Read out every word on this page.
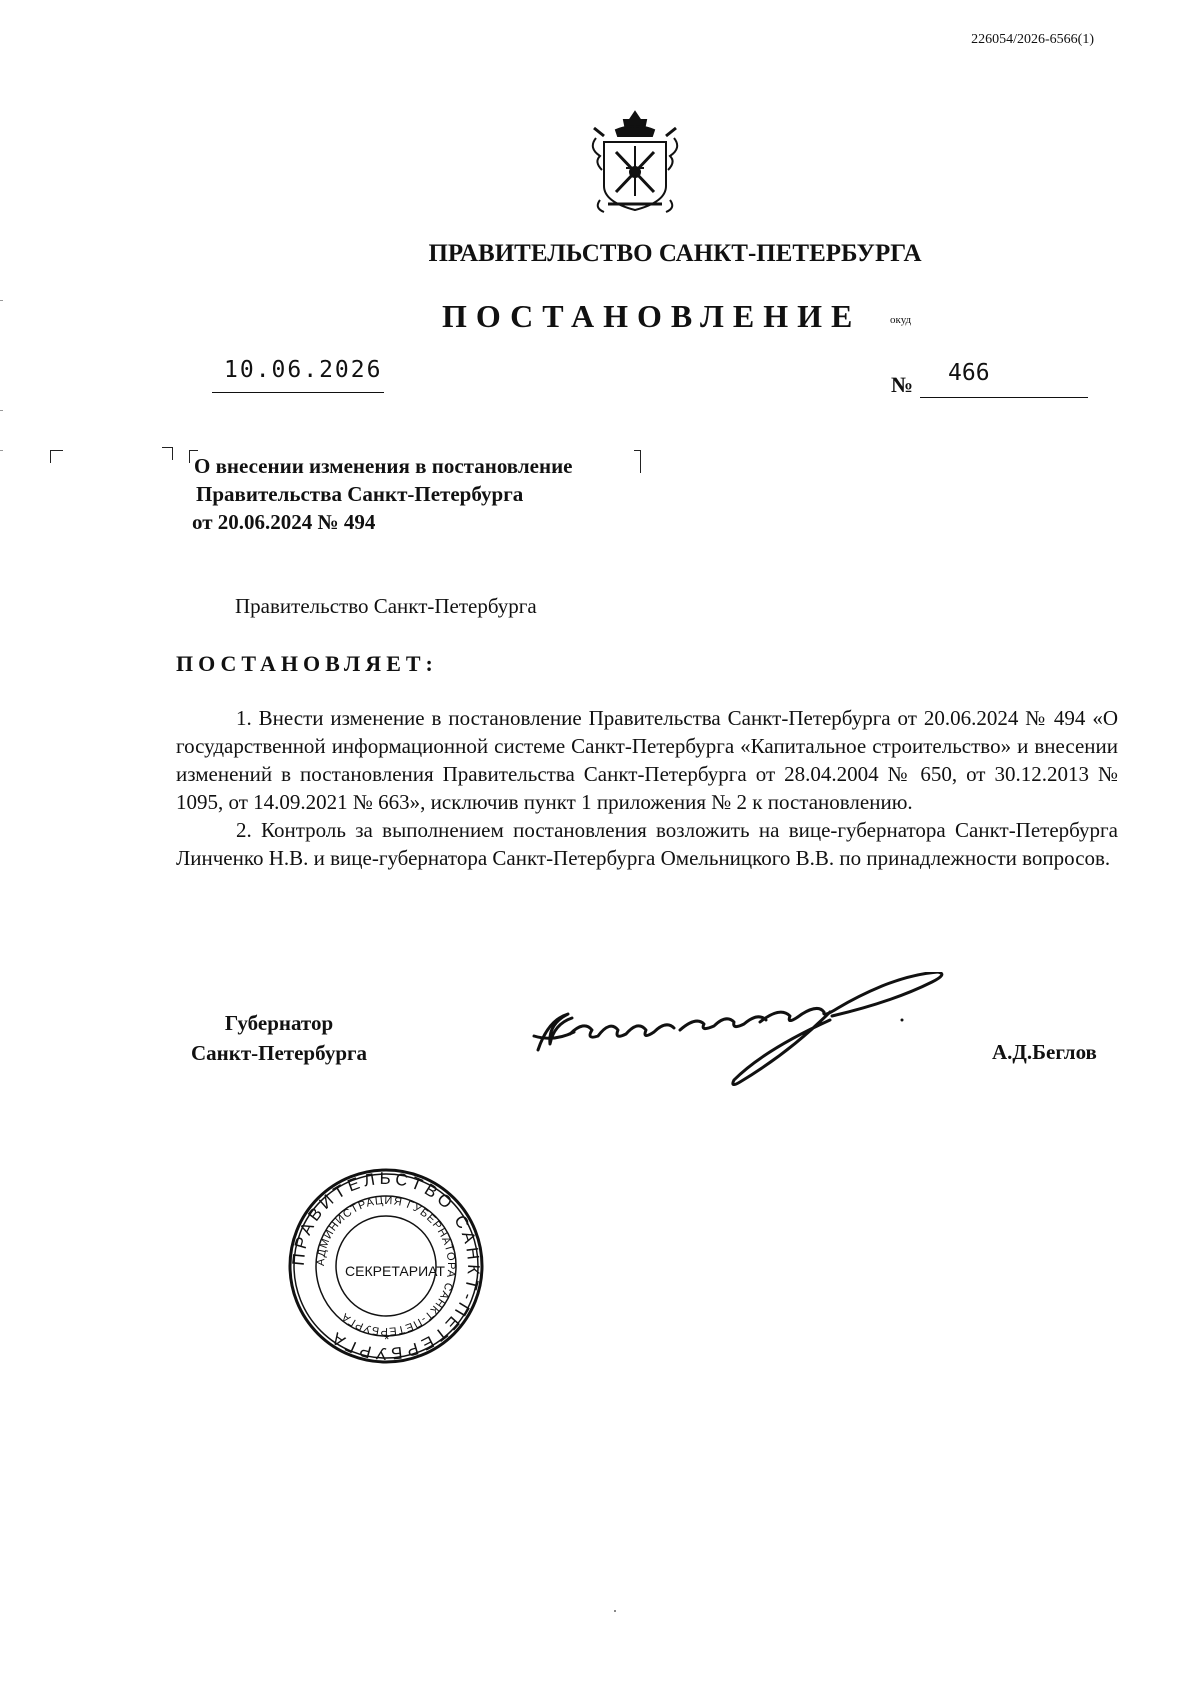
226054/2026-6566(1)
ПРАВИТЕЛЬСТВО САНКТ-ПЕТЕРБУРГА
ПОСТАНОВЛЕНИЕ	окуд
10.06.2026
№ 466
О внесении изменения в постановление
Правительства Санкт-Петербурга
от 20.06.2024 № 494
Правительство Санкт-Петербурга
ПОСТАНОВЛЯЕТ:

1. Внести изменение в постановление Правительства Санкт-Петербурга от 20.06.2024 № 494 «О государственной информационной системе Санкт-Петербурга «Капитальное строительство» и внесении изменений в постановления Правительства Санкт-Петербурга от 28.04.2004 № 650, от 30.12.2013 № 1095, от 14.09.2021 № 663», исключив пункт 1 приложения № 2 к постановлению.

2. Контроль за выполнением постановления возложить на вице-губернатора Санкт-Петербурга Линченко Н.В. и вице-губернатора Санкт-Петербурга Омельницкого В.В. по принадлежности вопросов.

Губернатор
Санкт-Петербурга	А.Д.Беглов
ПРАВИТЕЛЬСТВО САНКТ-ПЕТЕРБУРГА
АДМИНИСТРАЦИЯ ГУБЕРНАТОРА САНКТ-ПЕТЕРБУРГА
*
СЕКРЕТАРИАТ
